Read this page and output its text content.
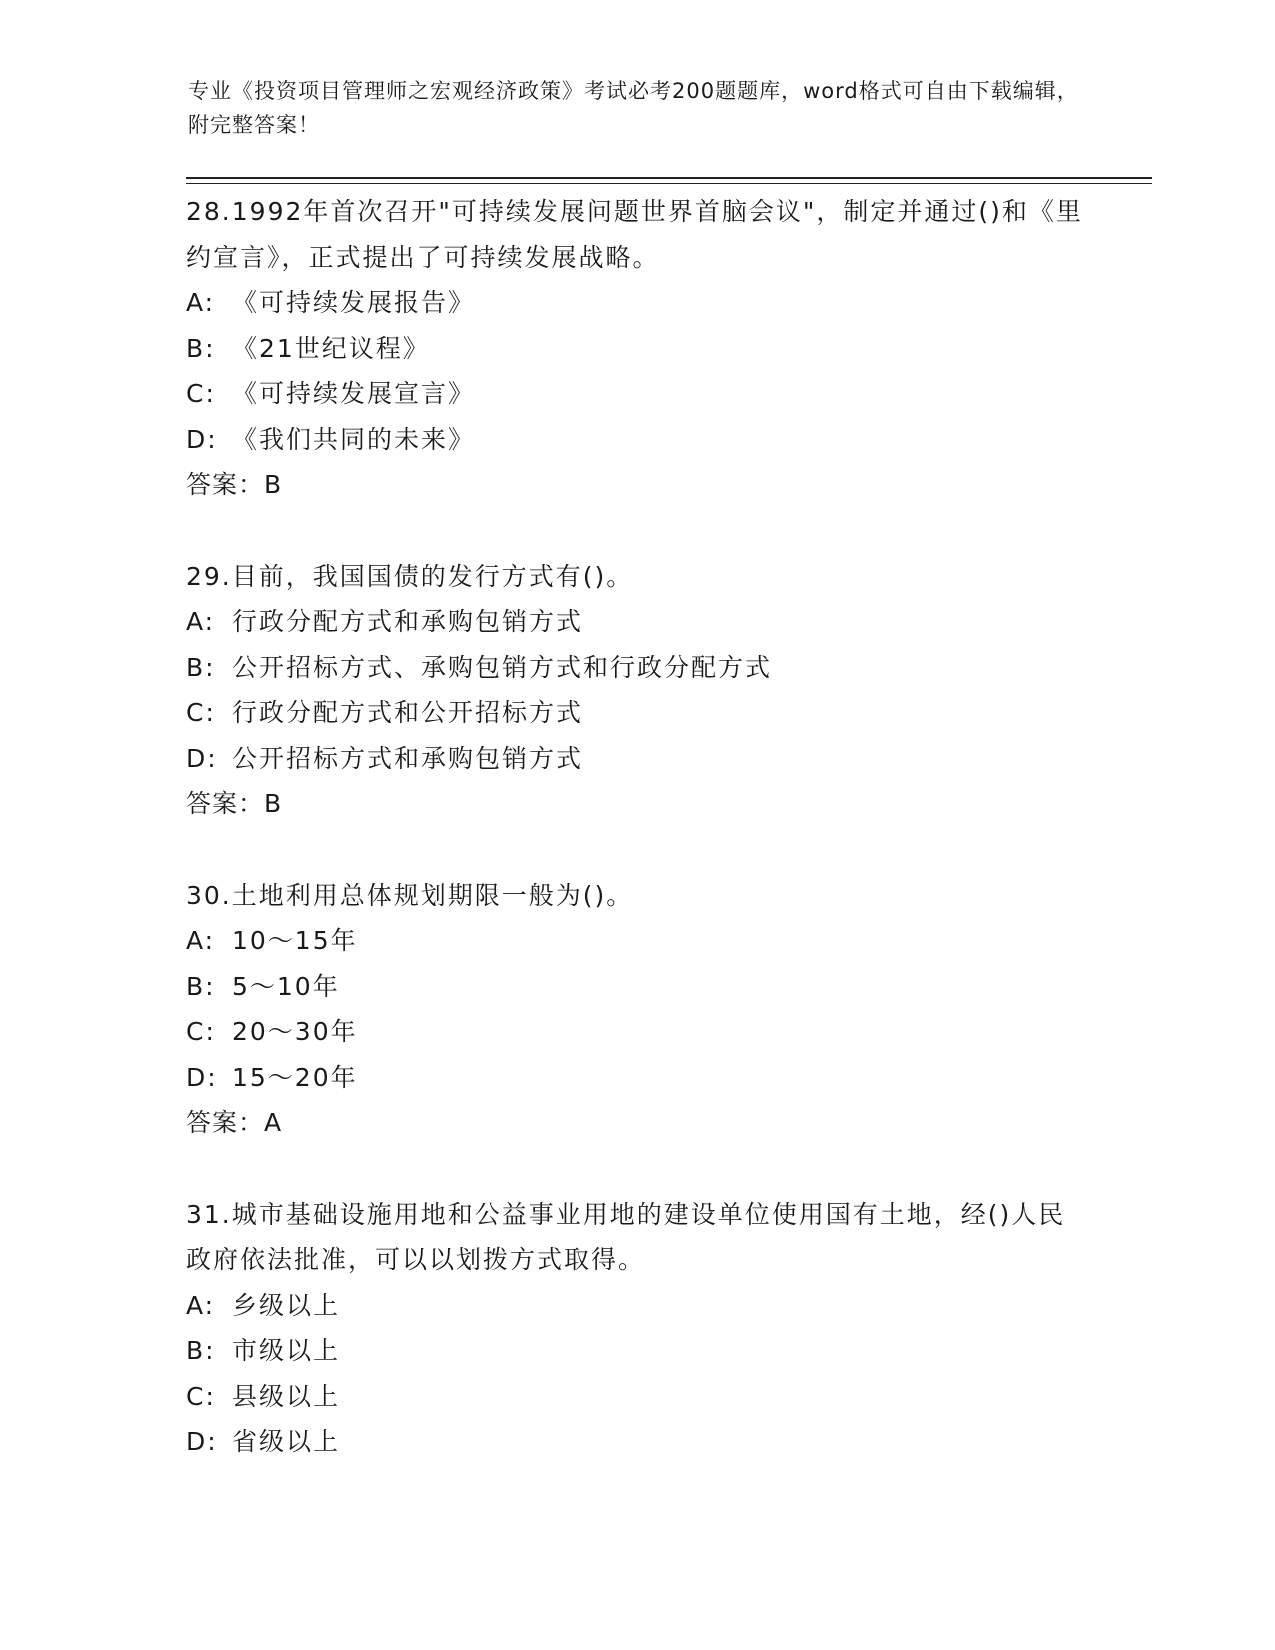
专业《投资项目管理师之宏观经济政策》考试必考200题题库，word格式可自由下载编辑，附完整答案！
28.1992年首次召开"可持续发展问题世界首脑会议"，制定并通过()和《里约宣言》，正式提出了可持续发展战略。
A: 《可持续发展报告》
B: 《21世纪议程》
C: 《可持续发展宣言》
D: 《我们共同的未来》
答案：B
29.目前，我国国债的发行方式有()。
A: 行政分配方式和承购包销方式
B: 公开招标方式、承购包销方式和行政分配方式
C: 行政分配方式和公开招标方式
D: 公开招标方式和承购包销方式
答案：B
30.土地利用总体规划期限一般为()。
A: 10～15年
B: 5～10年
C: 20～30年
D: 15～20年
答案：A
31.城市基础设施用地和公益事业用地的建设单位使用国有土地，经()人民政府依法批准，可以以划拨方式取得。
A: 乡级以上
B: 市级以上
C: 县级以上
D: 省级以上
